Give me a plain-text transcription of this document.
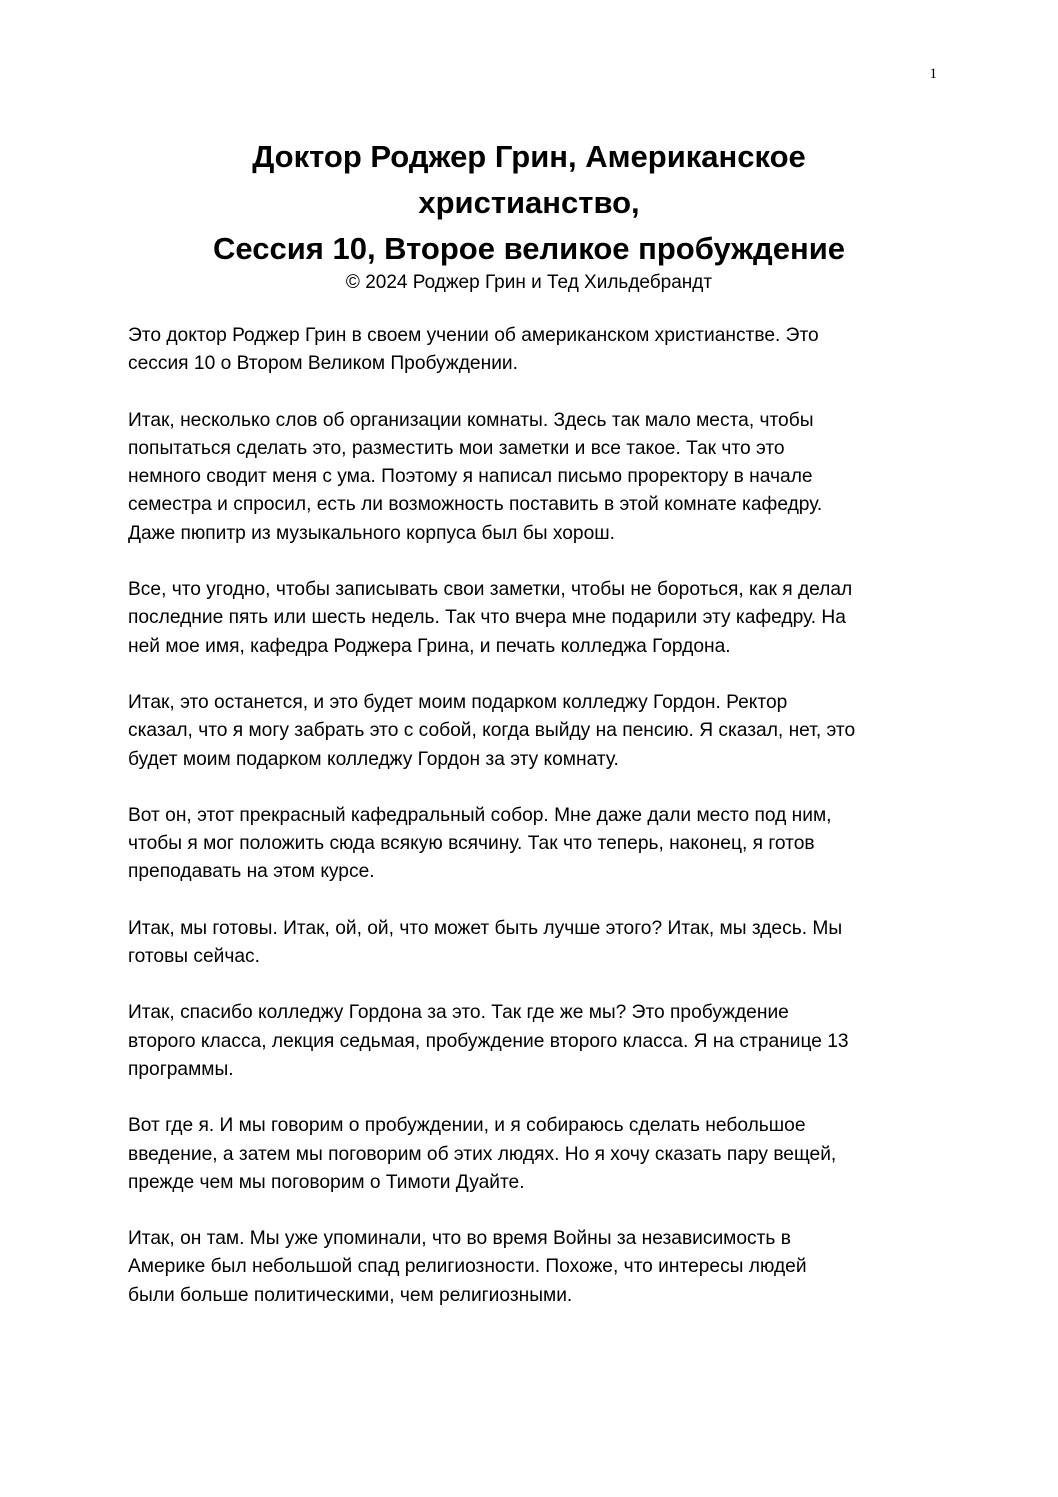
1
Доктор Роджер Грин, Американское
христианство,
Сессия 10, Второе великое пробуждение
© 2024 Роджер Грин и Тед Хильдебрандт

Это доктор Роджер Грин в своем учении об американском христианстве. Это
сессия 10 о Втором Великом Пробуждении.

Итак, несколько слов об организации комнаты. Здесь так мало места, чтобы
попытаться сделать это, разместить мои заметки и все такое. Так что это
немного сводит меня с ума. Поэтому я написал письмо проректору в начале
семестра и спросил, есть ли возможность поставить в этой комнате кафедру.
Даже пюпитр из музыкального корпуса был бы хорош.

Все, что угодно, чтобы записывать свои заметки, чтобы не бороться, как я делал
последние пять или шесть недель. Так что вчера мне подарили эту кафедру. На
ней мое имя, кафедра Роджера Грина, и печать колледжа Гордона.

Итак, это останется, и это будет моим подарком колледжу Гордон. Ректор
сказал, что я могу забрать это с собой, когда выйду на пенсию. Я сказал, нет, это
будет моим подарком колледжу Гордон за эту комнату.

Вот он, этот прекрасный кафедральный собор. Мне даже дали место под ним,
чтобы я мог положить сюда всякую всячину. Так что теперь, наконец, я готов
преподавать на этом курсе.

Итак, мы готовы. Итак, ой, ой, что может быть лучше этого? Итак, мы здесь. Мы
готовы сейчас.

Итак, спасибо колледжу Гордона за это. Так где же мы? Это пробуждение
второго класса, лекция седьмая, пробуждение второго класса. Я на странице 13
программы.

Вот где я. И мы говорим о пробуждении, и я собираюсь сделать небольшое
введение, а затем мы поговорим об этих людях. Но я хочу сказать пару вещей,
прежде чем мы поговорим о Тимоти Дуайте.

Итак, он там. Мы уже упоминали, что во время Войны за независимость в
Америке был небольшой спад религиозности. Похоже, что интересы людей
были больше политическими, чем религиозными.
